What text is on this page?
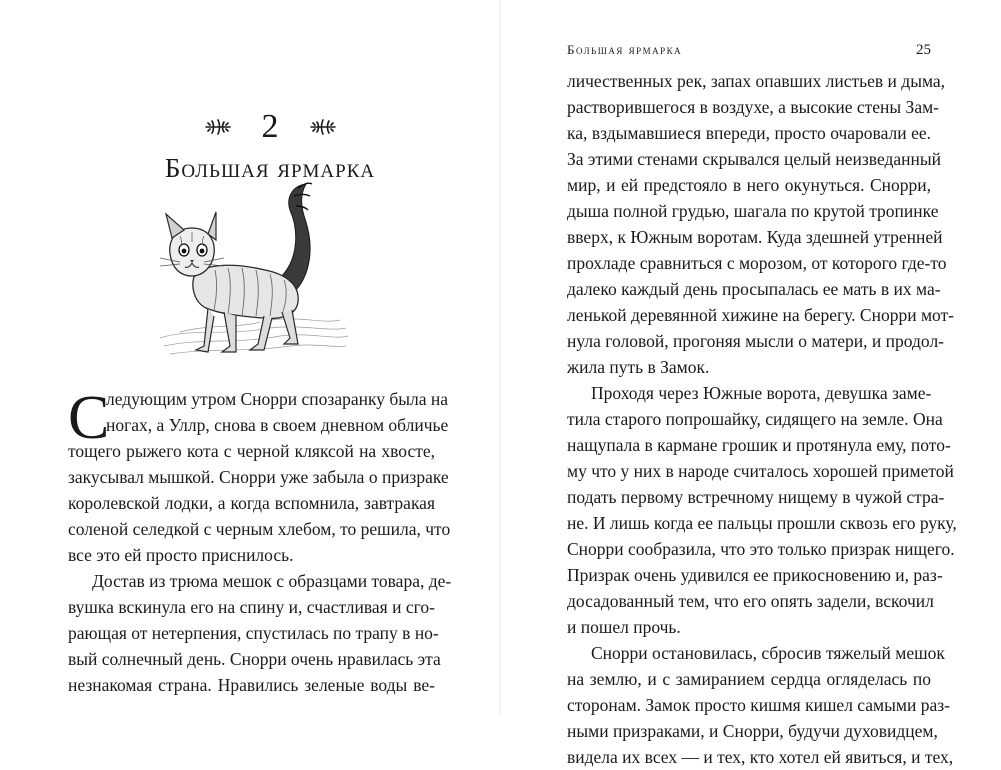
2
Большая ярмарка
С
ледующим утром Снорри спозаранку была на
ногах, а Уллр, снова в своем дневном обличье
тощего рыжего кота с черной кляксой на хвосте,
закусывал мышкой. Снорри уже забыла о призраке
королевской лодки, а когда вспомнила, завтракая
соленой селедкой с черным хлебом, то решила, что
все это ей просто приснилось.
Достав из трюма мешок с образцами товара, де-
вушка вскинула его на спину и, счастливая и сго-
рающая от нетерпения, спустилась по трапу в но-
вый солнечный день. Снорри очень нравилась эта
незнакомая страна. Нравились зеленые воды ве-
Большая ярмарка	25
личественных рек, запах опавших листьев и дыма,
растворившегося в воздухе, а высокие стены Зам-
ка, вздымавшиеся впереди, просто очаровали ее.
За этими стенами скрывался целый неизведанный
мир, и ей предстояло в него окунуться. Снорри,
дыша полной грудью, шагала по крутой тропинке
вверх, к Южным воротам. Куда здешней утренней
прохладе сравниться с морозом, от которого где-то
далеко каждый день просыпалась ее мать в их ма-
ленькой деревянной хижине на берегу. Снорри мот-
нула головой, прогоняя мысли о матери, и продол-
жила путь в Замок.
Проходя через Южные ворота, девушка заме-
тила старого попрошайку, сидящего на земле. Она
нащупала в кармане грошик и протянула ему, пото-
му что у них в народе считалось хорошей приметой
подать первому встречному нищему в чужой стра-
не. И лишь когда ее пальцы прошли сквозь его руку,
Снорри сообразила, что это только призрак нищего.
Призрак очень удивился ее прикосновению и, раз-
досадованный тем, что его опять задели, вскочил
и пошел прочь.
Снорри остановилась, сбросив тяжелый мешок
на землю, и с замиранием сердца огляделась по
сторонам. Замок просто кишмя кишел самыми раз-
ными призраками, и Снорри, будучи духовидцем,
видела их всех — и тех, кто хотел ей явиться, и тех,
